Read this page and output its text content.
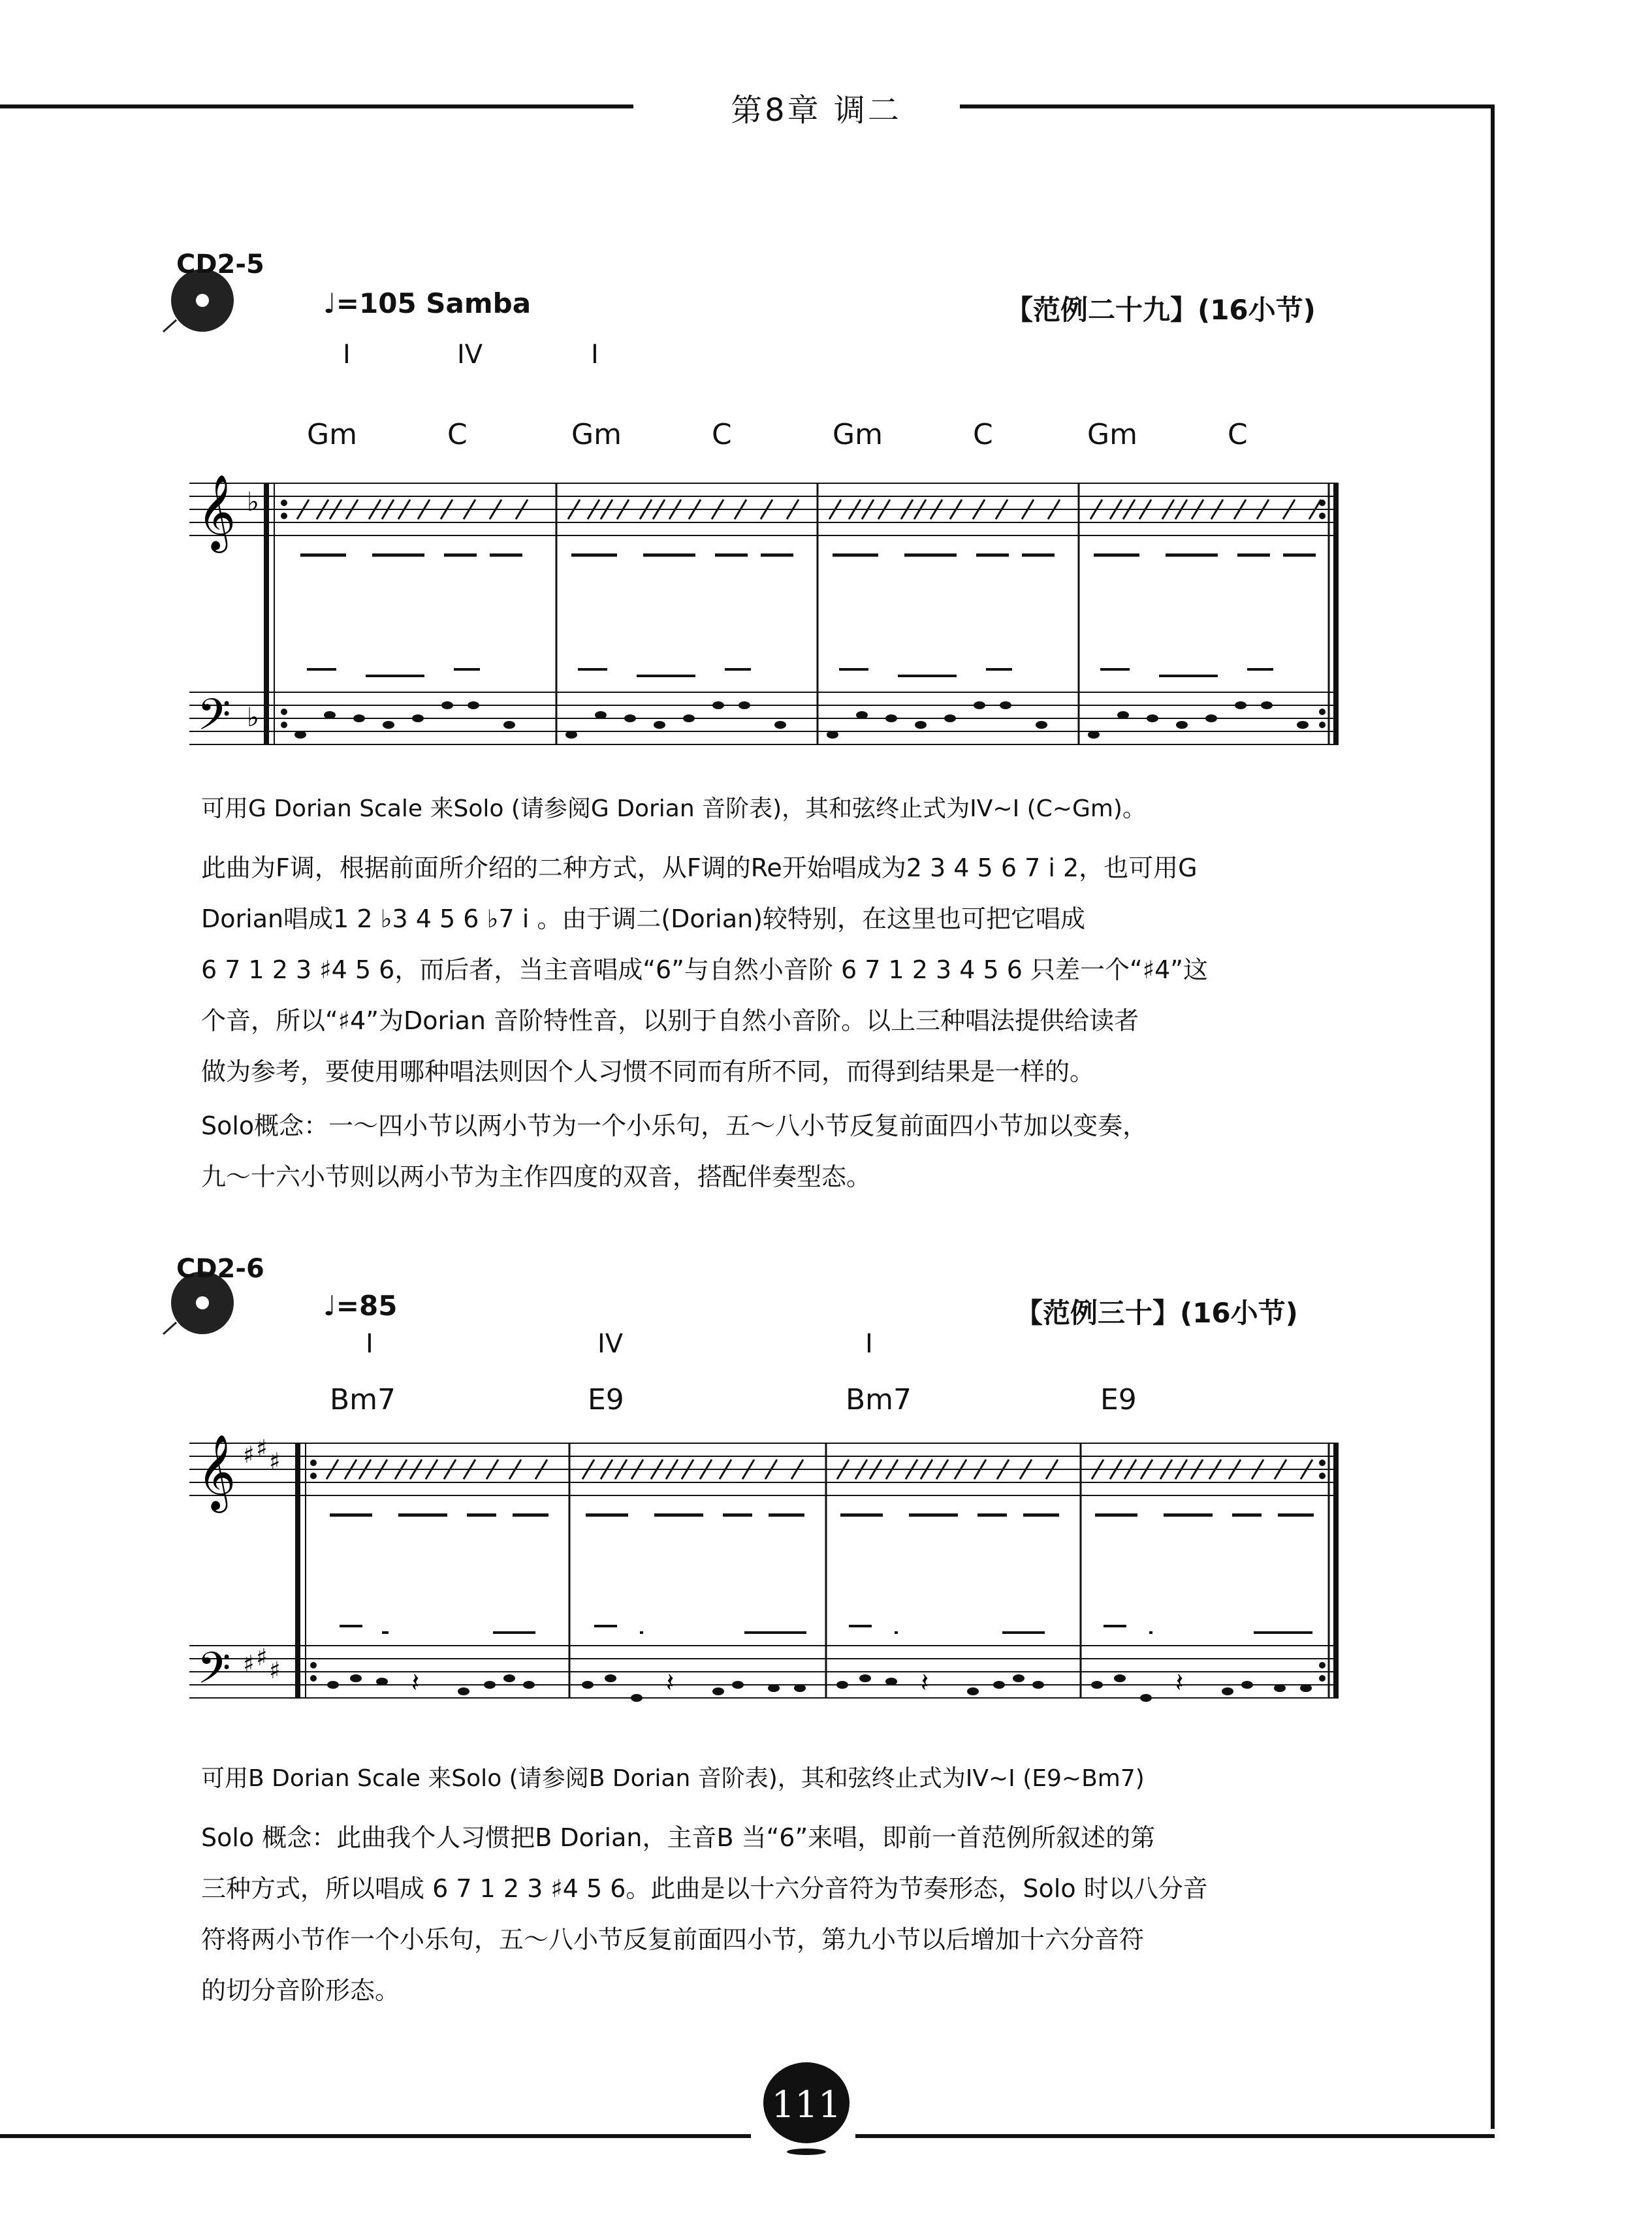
第8章 调二
CD2-5
♩=105 Samba	【范例二十九】(16小节)
I	IV	I
Gm	C	Gm	C	Gm	C	Gm	C
𝄞
𝄢
♭
♭
可用G Dorian Scale 来Solo (请参阅G Dorian 音阶表)，其和弦终止式为IV~I (C~Gm)。
此曲为F调，根据前面所介绍的二种方式，从F调的Re开始唱成为2 3 4 5 6 7 i 2，也可用G
Dorian唱成1 2 ♭3 4 5 6 ♭7 i 。由于调二(Dorian)较特别，在这里也可把它唱成
6 7 1 2 3 ♯4 5 6，而后者，当主音唱成“6”与自然小音阶 6 7 1 2 3 4 5 6 只差一个“♯4”这
个音，所以“♯4”为Dorian 音阶特性音，以别于自然小音阶。以上三种唱法提供给读者
做为参考，要使用哪种唱法则因个人习惯不同而有所不同，而得到结果是一样的。
Solo概念：一～四小节以两小节为一个小乐句，五～八小节反复前面四小节加以变奏，
九～十六小节则以两小节为主作四度的双音，搭配伴奏型态。
CD2-6
♩=85	【范例三十】(16小节)
I	IV	I
Bm7	E9	Bm7	E9
𝄞
𝄢
♯ ♯ ♯
♯ ♯ ♯	𝄽	𝄽	𝄽	𝄽
可用B Dorian Scale 来Solo (请参阅B Dorian 音阶表)，其和弦终止式为IV~I (E9~Bm7)
Solo 概念：此曲我个人习惯把B Dorian，主音B 当“6”来唱，即前一首范例所叙述的第
三种方式，所以唱成 6 7 1 2 3 ♯4 5 6。此曲是以十六分音符为节奏形态，Solo 时以八分音
符将两小节作一个小乐句，五～八小节反复前面四小节，第九小节以后增加十六分音符
的切分音阶形态。
111
